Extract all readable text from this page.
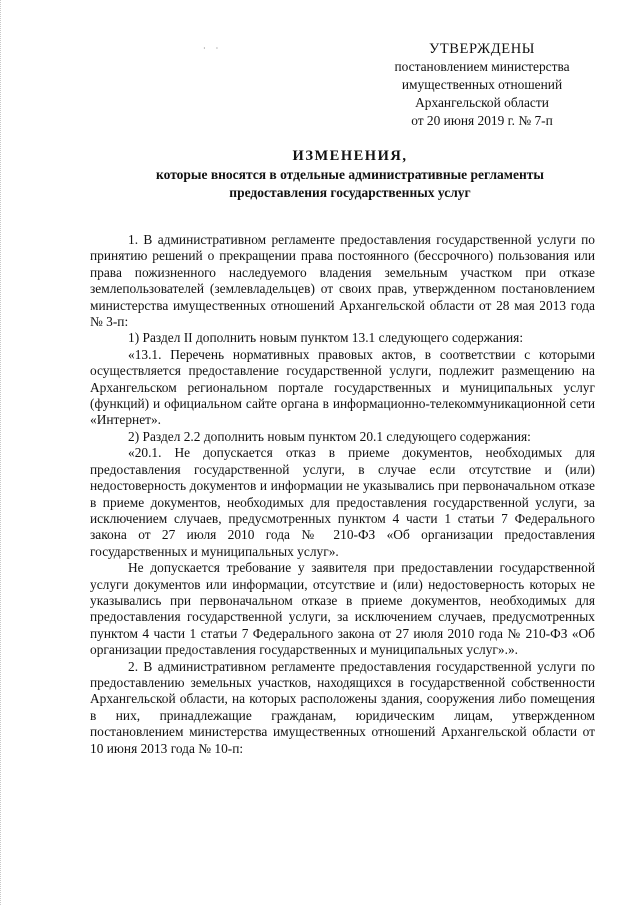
· ·	УТВЕРЖДЕНЫ
постановлением министерства
имущественных отношений
Архангельской области
от 20 июня 2019 г. № 7-п
ИЗМЕНЕНИЯ,
которые вносятся в отдельные административные регламенты
предоставления государственных услуг

1. В административном регламенте предоставления государственной услуги по принятию решений о прекращении права постоянного (бессрочного) пользования или права пожизненного наследуемого владения земельным участком при отказе землепользователей (землевладельцев) от своих прав, утвержденном постановлением министерства имущественных отношений Архангельской области от 28 мая 2013 года № 3-п:

1) Раздел II дополнить новым пунктом 13.1 следующего содержания:

«13.1. Перечень нормативных правовых актов, в соответствии с которыми осуществляется предоставление государственной услуги, подлежит размещению на Архангельском региональном портале государственных и муниципальных услуг (функций) и официальном сайте органа в информационно-телекоммуникационной сети «Интернет».

2) Раздел 2.2 дополнить новым пунктом 20.1 следующего содержания:

«20.1. Не допускается отказ в приеме документов, необходимых для предоставления государственной услуги, в случае если отсутствие и (или) недостоверность документов и информации не указывались при первоначальном отказе в приеме документов, необходимых для предоставления государственной услуги, за исключением случаев, предусмотренных пунктом 4 части 1 статьи 7 Федерального закона от 27 июля 2010 года № 210-ФЗ «Об организации предоставления государственных и муниципальных услуг».

Не допускается требование у заявителя при предоставлении государственной услуги документов или информации, отсутствие и (или) недостоверность которых не указывались при первоначальном отказе в приеме документов, необходимых для предоставления государственной услуги, за исключением случаев, предусмотренных пунктом 4 части 1 статьи 7 Федерального закона от 27 июля 2010 года № 210-ФЗ «Об организации предоставления государственных и муниципальных услуг».».

2. В административном регламенте предоставления государственной услуги по предоставлению земельных участков, находящихся в государственной собственности Архангельской области, на которых расположены здания, сооружения либо помещения в них, принадлежащие гражданам, юридическим лицам, утвержденном постановлением министерства имущественных отношений Архангельской области от 10 июня 2013 года № 10-п:
